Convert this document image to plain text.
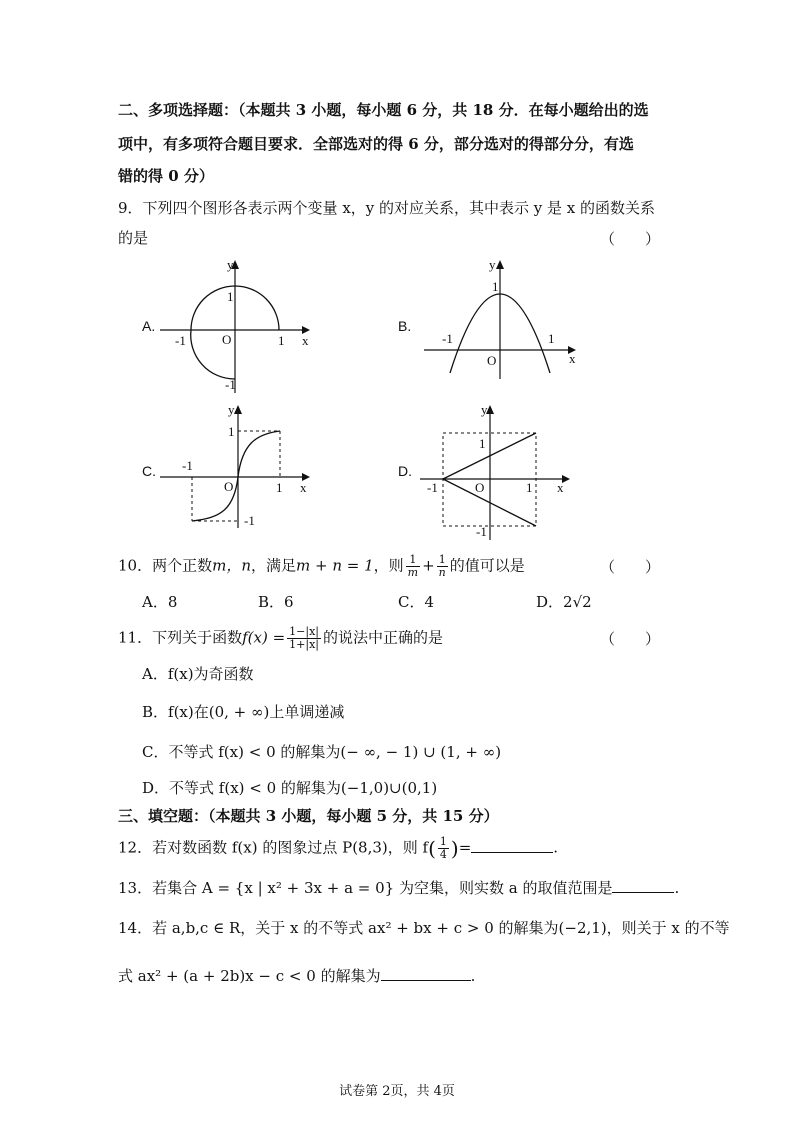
二、多项选择题：（本题共 3 小题，每小题 6 分，共 18 分．在每小题给出的选
项中，有多项符合题目要求．全部选对的得 6 分，部分选对的得部分分，有选
错的得 0 分）
9．下列四个图形各表示两个变量 x，y 的对应关系，其中表示 y 是 x 的函数关系
的是	（　　）
A.
y
x
O
1
-1	1
-1
B.
y
x
O
1
-1	1
C.
y
x
O
1
-1
1
-1
D.
y
x
O
1
-1	1
-1
10．两个正数m，n，满足m + n = 1，则 $\frac{1}{m} + \frac{1}{n}$ 的值可以是	（　　）
A．8	B．6	C．4	D．2√2
11．下列关于函数$f(x) = \frac{1-|x|}{1+|x|}$ 的说法中正确的是	（　　）
A．f(x)为奇函数
B．f(x)在(0, + ∞)上单调递减
C．不等式 f(x) < 0 的解集为(− ∞, − 1) ∪ (1, + ∞)
D．不等式 f(x) < 0 的解集为(−1,0)∪(0,1)
三、填空题：（本题共 3 小题，每小题 5 分，共 15 分）
12．若对数函数 f(x) 的图象过点 P(8,3)，则 $f( \frac{1}{4}$ )=	.
13．若集合 A = {x | x² + 3x + a = 0} 为空集，则实数 a 的取值范围是	.
14．若 a,b,c ∈ R，关于 x 的不等式 ax² + bx + c > 0 的解集为(−2,1)，则关于 x 的不等
式 ax² + (a + 2b)x − c < 0 的解集为	.
试卷第 2页，共 4页
